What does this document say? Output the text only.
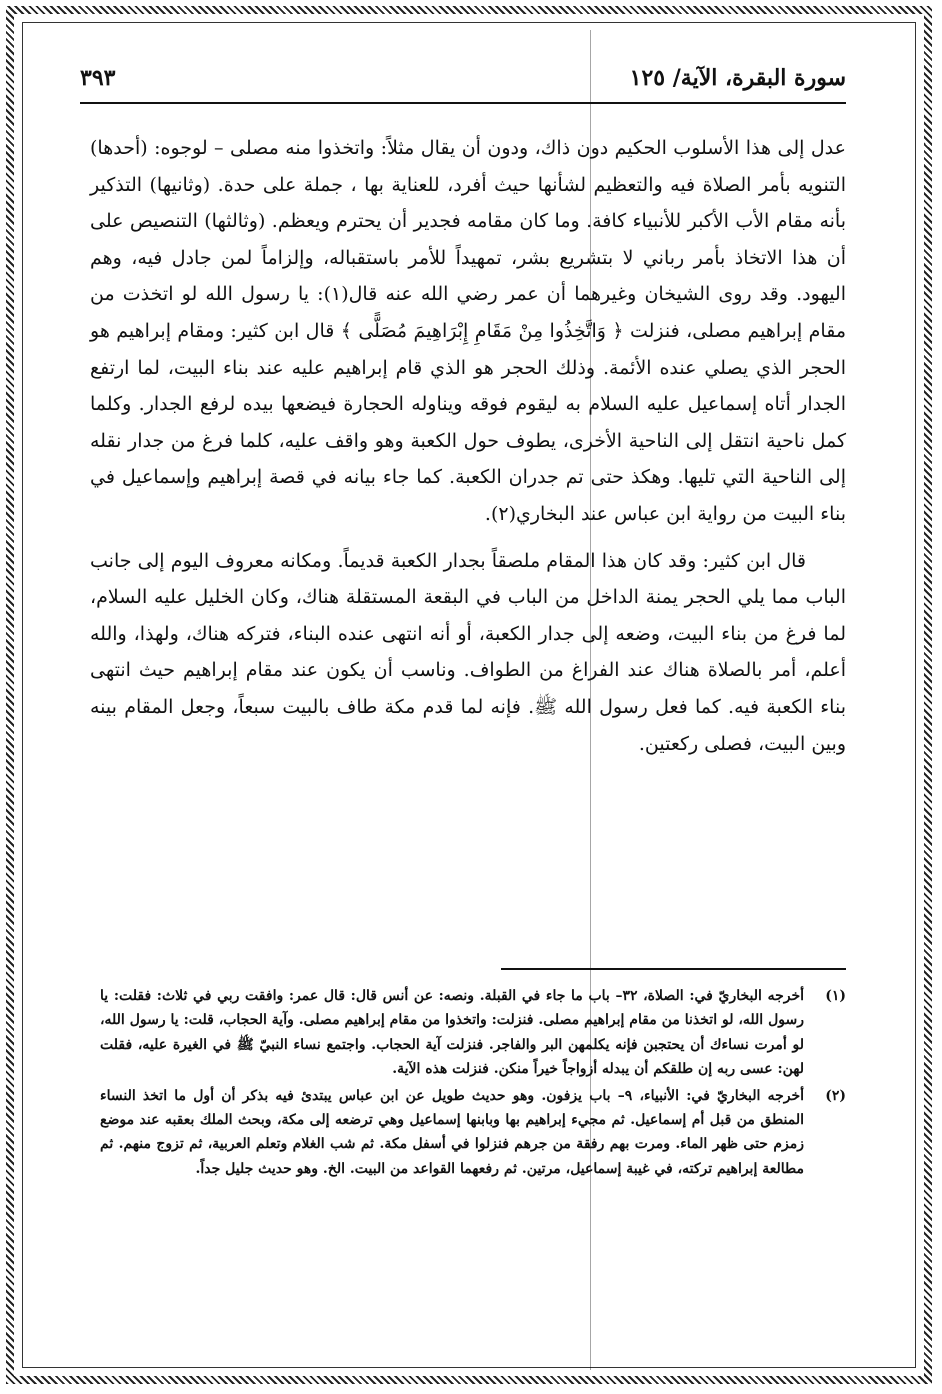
سورة البقرة، الآية/ ١٢٥
٣٩٣

عدل إلى هذا الأسلوب الحكيم دون ذاك، ودون أن يقال مثلاً: واتخذوا منه مصلى – لوجوه: (أحدها) التنويه بأمر الصلاة فيه والتعظيم لشأنها حيث أفرد، للعناية بها ، جملة على حدة. (وثانيها) التذكير بأنه مقام الأب الأكبر للأنبياء كافة. وما كان مقامه فجدير أن يحترم ويعظم. (وثالثها) التنصيص على أن هذا الاتخاذ بأمر رباني لا بتشريع بشر، تمهيداً للأمر باستقباله، وإلزاماً لمن جادل فيه، وهم اليهود. وقد روى الشيخان وغيرهما أن عمر رضي الله عنه قال(١): يا رسول الله لو اتخذت من مقام إبراهيم مصلى، فنزلت ﴿ وَاتَّخِذُوا مِنْ مَقَامِ إِبْرَاهِيمَ مُصَلًّى ﴾ قال ابن كثير: ومقام إبراهيم هو الحجر الذي يصلي عنده الأئمة. وذلك الحجر هو الذي قام إبراهيم عليه عند بناء البيت، لما ارتفع الجدار أتاه إسماعيل عليه السلام به ليقوم فوقه ويناوله الحجارة فيضعها بيده لرفع الجدار. وكلما كمل ناحية انتقل إلى الناحية الأخرى، يطوف حول الكعبة وهو واقف عليه، كلما فرغ من جدار نقله إلى الناحية التي تليها. وهكذ حتى تم جدران الكعبة. كما جاء بيانه في قصة إبراهيم وإسماعيل في بناء البيت من رواية ابن عباس عند البخاري(٢).

قال ابن كثير: وقد كان هذا المقام ملصقاً بجدار الكعبة قديماً. ومكانه معروف اليوم إلى جانب الباب مما يلي الحجر يمنة الداخل من الباب في البقعة المستقلة هناك، وكان الخليل عليه السلام، لما فرغ من بناء البيت، وضعه إلى جدار الكعبة، أو أنه انتهى عنده البناء، فتركه هناك، ولهذا، والله أعلم، أمر بالصلاة هناك عند الفراغ من الطواف. وناسب أن يكون عند مقام إبراهيم حيث انتهى بناء الكعبة فيه. كما فعل رسول الله ﷺ. فإنه لما قدم مكة طاف بالبيت سبعاً، وجعل المقام بينه وبين البيت، فصلى ركعتين.

(١)
أخرجه البخاريّ في: الصلاة، ٣٢– باب ما جاء في القبلة. ونصه: عن أنس قال: قال عمر: وافقت ربي في ثلاث: فقلت: يا رسول الله، لو اتخذنا من مقام إبراهيم مصلى. فنزلت: واتخذوا من مقام إبراهيم مصلى. وآية الحجاب، قلت: يا رسول الله، لو أمرت نساءك أن يحتجبن فإنه يكلمهن البر والفاجر. فنزلت آية الحجاب. واجتمع نساء النبيّ ﷺ في الغيرة عليه، فقلت لهن: عسى ربه إن طلقكم أن يبدله أزواجاً خيراً منكن. فنزلت هذه الآية.
(٢)
أخرجه البخاريّ في: الأنبياء، ٩– باب يزفون. وهو حديث طويل عن ابن عباس يبتدئ فيه بذكر أن أول ما اتخذ النساء المنطق من قبل أم إسماعيل. ثم مجيء إبراهيم بها وبابنها إسماعيل وهي ترضعه إلى مكة، وبحث الملك بعقبه عند موضع زمزم حتى ظهر الماء. ومرت بهم رفقة من جرهم فنزلوا في أسفل مكة. ثم شب الغلام وتعلم العربية، ثم تزوج منهم. ثم مطالعة إبراهيم تركته، في غيبة إسماعيل، مرتين. ثم رفعهما القواعد من البيت. الخ. وهو حديث جليل جداً.
